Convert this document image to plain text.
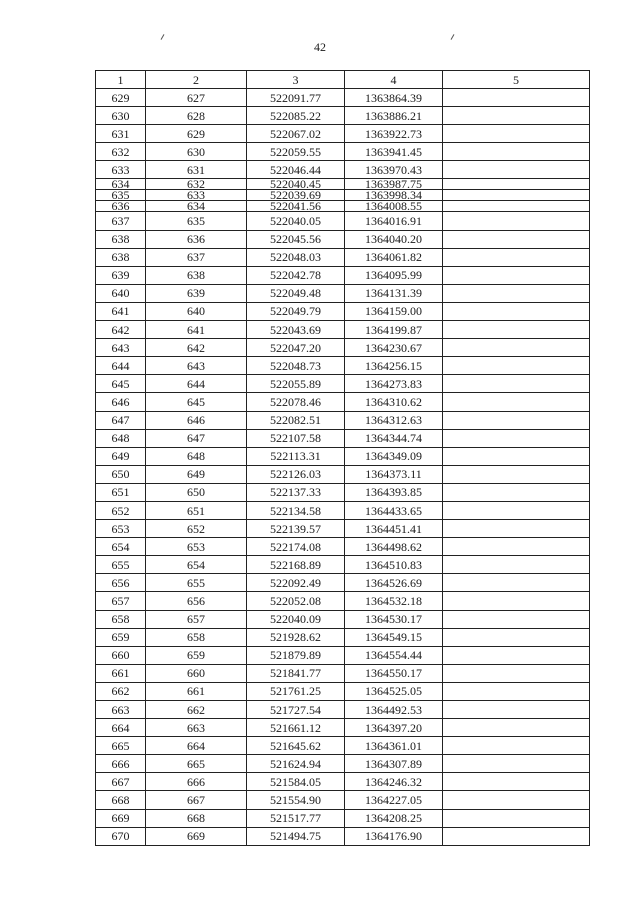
42
1	2	3	4	5
629	627	522091.77	1363864.39	
630	628	522085.22	1363886.21	
631	629	522067.02	1363922.73	
632	630	522059.55	1363941.45	
633	631	522046.44	1363970.43	
634	632	522040.45	1363987.75	
635	633	522039.69	1363998.34	
636	634	522041.56	1364008.55	
637	635	522040.05	1364016.91	
638	636	522045.56	1364040.20	
638	637	522048.03	1364061.82	
639	638	522042.78	1364095.99	
640	639	522049.48	1364131.39	
641	640	522049.79	1364159.00	
642	641	522043.69	1364199.87	
643	642	522047.20	1364230.67	
644	643	522048.73	1364256.15	
645	644	522055.89	1364273.83	
646	645	522078.46	1364310.62	
647	646	522082.51	1364312.63	
648	647	522107.58	1364344.74	
649	648	522113.31	1364349.09	
650	649	522126.03	1364373.11	
651	650	522137.33	1364393.85	
652	651	522134.58	1364433.65	
653	652	522139.57	1364451.41	
654	653	522174.08	1364498.62	
655	654	522168.89	1364510.83	
656	655	522092.49	1364526.69	
657	656	522052.08	1364532.18	
658	657	522040.09	1364530.17	
659	658	521928.62	1364549.15	
660	659	521879.89	1364554.44	
661	660	521841.77	1364550.17	
662	661	521761.25	1364525.05	
663	662	521727.54	1364492.53	
664	663	521661.12	1364397.20	
665	664	521645.62	1364361.01	
666	665	521624.94	1364307.89	
667	666	521584.05	1364246.32	
668	667	521554.90	1364227.05	
669	668	521517.77	1364208.25	
670	669	521494.75	1364176.90	
